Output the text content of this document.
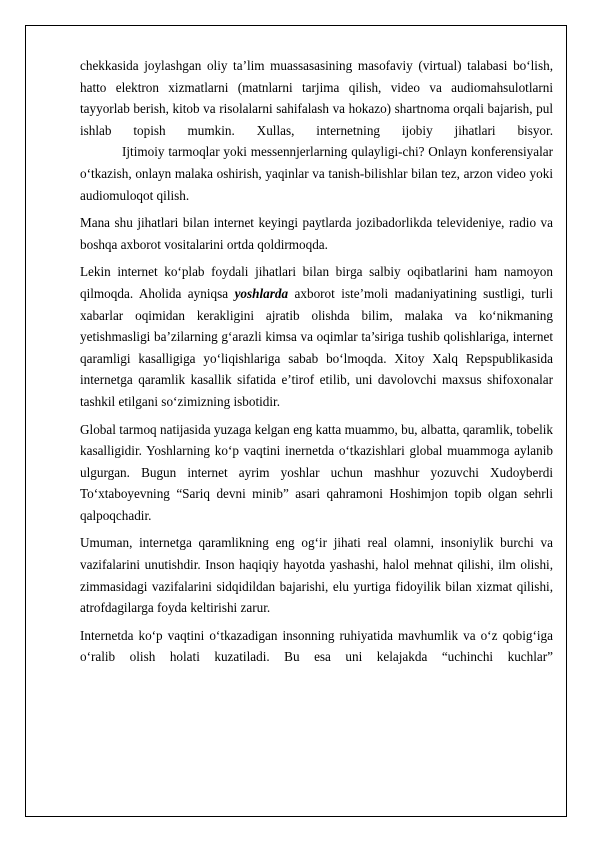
chekkasida joylashgan oliy ta’lim muassasasining masofaviy (virtual) talabasi bo‘lish, hatto elektron xizmatlarni (matnlarni tarjima qilish, video va audiomahsulotlarni tayyorlab berish, kitob va risolalarni sahifalash va hokazo) shartnoma orqali bajarish, pul ishlab topish mumkin. Xullas, internetning ijobiy jihatlari bisyor.

Ijtimoiy tarmoqlar yoki messennjerlarning qulayligi-chi? Onlayn konferensiyalar o‘tkazish, onlayn malaka oshirish, yaqinlar va tanish-bilishlar bilan tez, arzon video yoki audiomuloqot qilish.

Mana shu jihatlari bilan internet keyingi paytlarda jozibadorlikda televideniye, radio va boshqa axborot vositalarini ortda qoldirmoqda.

Lekin internet ko‘plab foydali jihatlari bilan birga salbiy oqibatlarini ham namoyon qilmoqda. Aholida ayniqsa yoshlarda axborot iste’moli madaniyatining sustligi, turli xabarlar oqimidan kerakligini ajratib olishda bilim, malaka va ko‘nikmaning yetishmasligi ba’zilarning g‘arazli kimsa va oqimlar ta’siriga tushib qolishlariga, internet qaramligi kasalligiga yo‘liqishlariga sabab bo‘lmoqda. Xitoy Xalq Repspublikasida internetga qaramlik kasallik sifatida e’tirof etilib, uni davolovchi maxsus shifoxonalar tashkil etilgani so‘zimizning isbotidir.

Global tarmoq natijasida yuzaga kelgan eng katta muammo, bu, albatta, qaramlik, tobelik kasalligidir. Yoshlarning ko‘p vaqtini inernetda o‘tkazishlari global muammoga aylanib ulgurgan. Bugun internet ayrim yoshlar uchun mashhur yozuvchi Xudoyberdi To‘xtaboyevning “Sariq devni minib” asari qahramoni Hoshimjon topib olgan sehrli qalpoqchadir.

Umuman, internetga qaramlikning eng og‘ir jihati real olamni, insoniylik burchi va vazifalarini unutishdir. Inson haqiqiy hayotda yashashi, halol mehnat qilishi, ilm olishi, zimmasidagi vazifalarini sidqidildan bajarishi, elu yurtiga fidoyilik bilan xizmat qilishi, atrofdagilarga foyda keltirishi zarur.

Internetda ko‘p vaqtini o‘tkazadigan insonning ruhiyatida mavhumlik va o‘z qobig‘iga o‘ralib olish holati kuzatiladi. Bu esa uni kelajakda “uchinchi kuchlar”
